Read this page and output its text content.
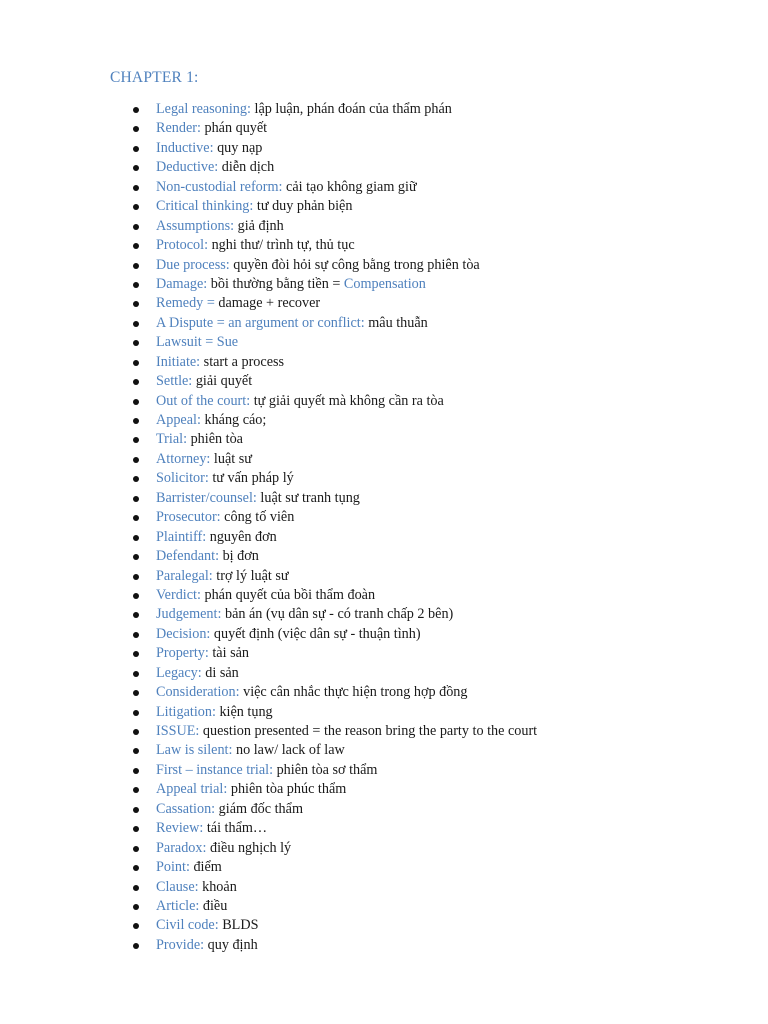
CHAPTER 1:
Legal reasoning: lập luận, phán đoán của thẩm phán
Render: phán quyết
Inductive: quy nạp
Deductive: diễn dịch
Non-custodial reform: cải tạo không giam giữ
Critical thinking: tư duy phản biện
Assumptions: giả định
Protocol: nghi thư/ trình tự, thủ tục
Due process: quyền đòi hỏi sự công bằng trong phiên tòa
Damage: bồi thường bằng tiền = Compensation
Remedy = damage + recover
A Dispute = an argument or conflict: mâu thuẫn
Lawsuit = Sue
Initiate: start a process
Settle: giải quyết
Out of the court: tự giải quyết mà không cần ra tòa
Appeal: kháng cáo;
Trial: phiên tòa
Attorney: luật sư
Solicitor: tư vấn pháp lý
Barrister/counsel: luật sư tranh tụng
Prosecutor: công tố viên
Plaintiff: nguyên đơn
Defendant: bị đơn
Paralegal: trợ lý luật sư
Verdict: phán quyết của bồi thẩm đoàn
Judgement: bản án (vụ dân sự - có tranh chấp 2 bên)
Decision: quyết định (việc dân sự - thuận tình)
Property: tài sản
Legacy: di sản
Consideration: việc cân nhắc thực hiện trong hợp đồng
Litigation: kiện tụng
ISSUE: question presented = the reason bring the party to the court
Law is silent: no law/ lack of law
First – instance trial: phiên tòa sơ thẩm
Appeal trial: phiên tòa phúc thẩm
Cassation: giám đốc thẩm
Review: tái thẩm…
Paradox: điều nghịch lý
Point: điểm
Clause: khoản
Article: điều
Civil code: BLDS
Provide: quy định
